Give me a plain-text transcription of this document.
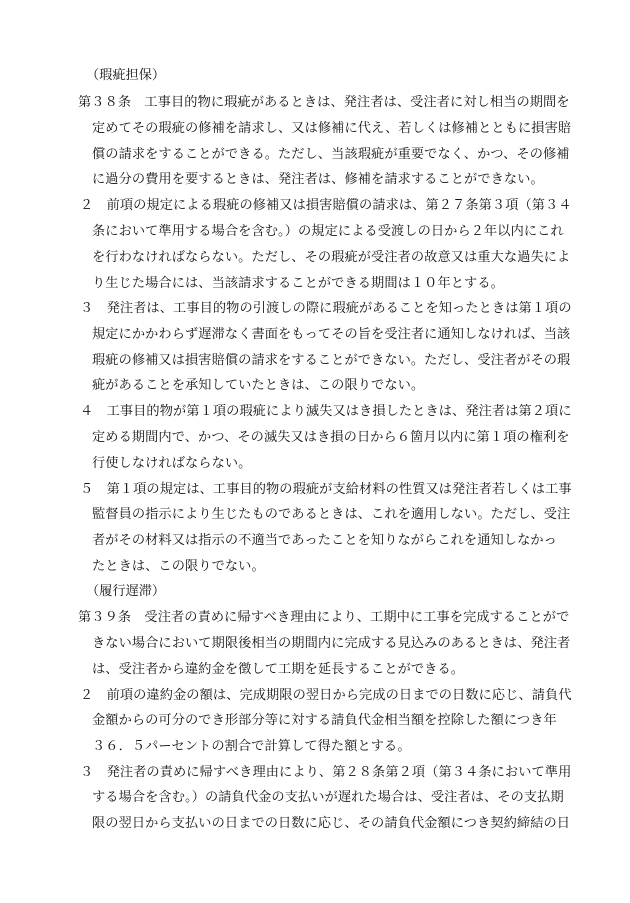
（瑕疵担保）
第３８条　工事目的物に瑕疵があるときは、発注者は、受注者に対し相当の期間を
定めてその瑕疵の修補を請求し、又は修補に代え、若しくは修補とともに損害賠
償の請求をすることができる。ただし、当該瑕疵が重要でなく、かつ、その修補
に過分の費用を要するときは、発注者は、修補を請求することができない。
２　前項の規定による瑕疵の修補又は損害賠償の請求は、第２７条第３項（第３４
条において準用する場合を含む。）の規定による受渡しの日から２年以内にこれ
を行わなければならない。ただし、その瑕疵が受注者の故意又は重大な過失によ
り生じた場合には、当該請求することができる期間は１０年とする。
３　発注者は、工事目的物の引渡しの際に瑕疵があることを知ったときは第１項の
規定にかかわらず遅滞なく書面をもってその旨を受注者に通知しなければ、当該
瑕疵の修補又は損害賠償の請求をすることができない。ただし、受注者がその瑕
疵があることを承知していたときは、この限りでない。
４　工事目的物が第１項の瑕疵により滅失又はき損したときは、発注者は第２項に
定める期間内で、かつ、その滅失又はき損の日から６箇月以内に第１項の権利を
行使しなければならない。
５　第１項の規定は、工事目的物の瑕疵が支給材料の性質又は発注者若しくは工事
監督員の指示により生じたものであるときは、これを適用しない。ただし、受注
者がその材料又は指示の不適当であったことを知りながらこれを通知しなかっ
たときは、この限りでない。
（履行遅滞）
第３９条　受注者の責めに帰すべき理由により、工期中に工事を完成することがで
きない場合において期限後相当の期間内に完成する見込みのあるときは、発注者
は、受注者から違約金を徴して工期を延長することができる。
２　前項の違約金の額は、完成期限の翌日から完成の日までの日数に応じ、請負代
金額からの可分のでき形部分等に対する請負代金相当額を控除した額につき年
３６．５パーセントの割合で計算して得た額とする。
３　発注者の責めに帰すべき理由により、第２８条第２項（第３４条において準用
する場合を含む。）の請負代金の支払いが遅れた場合は、受注者は、その支払期
限の翌日から支払いの日までの日数に応じ、その請負代金額につき契約締結の日
